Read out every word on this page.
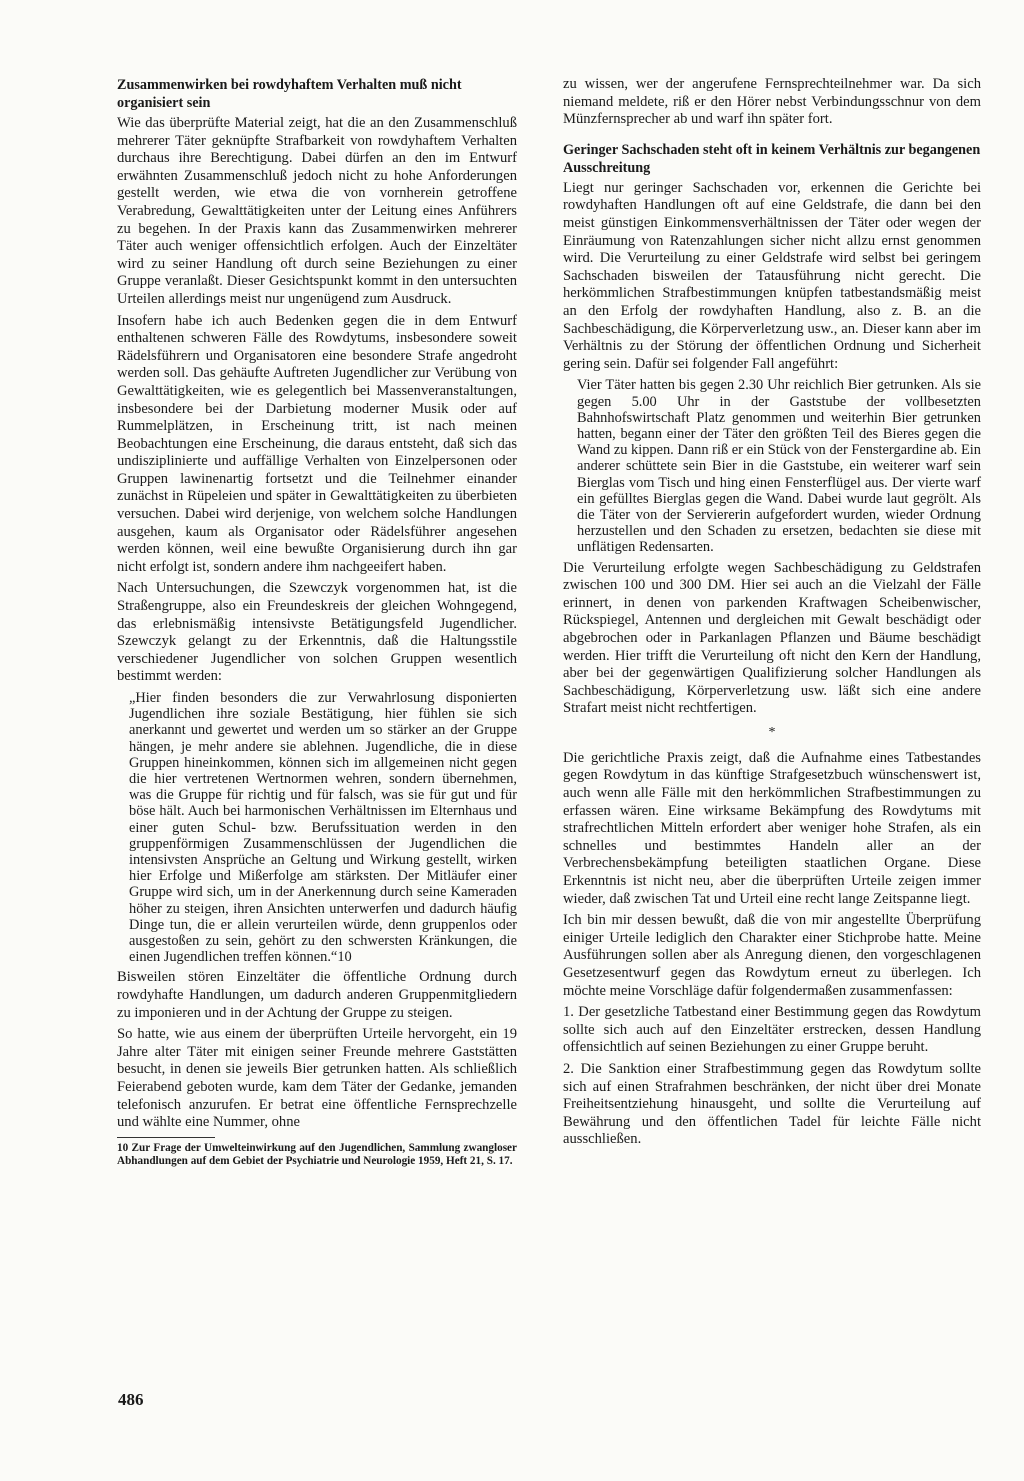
Zusammenwirken bei rowdyhaftem Verhalten muß nicht organisiert sein

Wie das überprüfte Material zeigt, hat die an den Zusammenschluß mehrerer Täter geknüpfte Strafbarkeit von rowdyhaftem Verhalten durchaus ihre Berechtigung. Dabei dürfen an den im Entwurf erwähnten Zusammenschluß jedoch nicht zu hohe Anforderungen gestellt werden, wie etwa die von vornherein getroffene Verabredung, Gewalttätigkeiten unter der Leitung eines Anführers zu begehen. In der Praxis kann das Zusammenwirken mehrerer Täter auch weniger offensichtlich erfolgen. Auch der Einzeltäter wird zu seiner Handlung oft durch seine Beziehungen zu einer Gruppe veranlaßt. Dieser Gesichtspunkt kommt in den untersuchten Urteilen allerdings meist nur ungenügend zum Ausdruck.

Insofern habe ich auch Bedenken gegen die in dem Entwurf enthaltenen schweren Fälle des Rowdytums, insbesondere soweit Rädelsführern und Organisatoren eine besondere Strafe angedroht werden soll. Das gehäufte Auftreten Jugendlicher zur Verübung von Gewalttätigkeiten, wie es gelegentlich bei Massenveranstaltungen, insbesondere bei der Darbietung moderner Musik oder auf Rummelplätzen, in Erscheinung tritt, ist nach meinen Beobachtungen eine Erscheinung, die daraus entsteht, daß sich das undisziplinierte und auffällige Verhalten von Einzelpersonen oder Gruppen lawinenartig fortsetzt und die Teilnehmer einander zunächst in Rüpeleien und später in Gewalttätigkeiten zu überbieten versuchen. Dabei wird derjenige, von welchem solche Handlungen ausgehen, kaum als Organisator oder Rädelsführer angesehen werden können, weil eine bewußte Organisierung durch ihn gar nicht erfolgt ist, sondern andere ihm nachgeeifert haben.

Nach Untersuchungen, die Szewczyk vorgenommen hat, ist die Straßengruppe, also ein Freundeskreis der gleichen Wohngegend, das erlebnismäßig intensivste Betätigungsfeld Jugendlicher. Szewczyk gelangt zu der Erkenntnis, daß die Haltungsstile verschiedener Jugendlicher von solchen Gruppen wesentlich bestimmt werden:

„Hier finden besonders die zur Verwahrlosung disponierten Jugendlichen ihre soziale Bestätigung, hier fühlen sie sich anerkannt und gewertet und werden um so stärker an der Gruppe hängen, je mehr andere sie ablehnen. Jugendliche, die in diese Gruppen hineinkommen, können sich im allgemeinen nicht gegen die hier vertretenen Wertnormen wehren, sondern übernehmen, was die Gruppe für richtig und für falsch, was sie für gut und für böse hält. Auch bei harmonischen Verhältnissen im Elternhaus und einer guten Schul- bzw. Berufssituation werden in den gruppenförmigen Zusammenschlüssen der Jugendlichen die intensivsten Ansprüche an Geltung und Wirkung gestellt, wirken hier Erfolge und Mißerfolge am stärksten. Der Mitläufer einer Gruppe wird sich, um in der Anerkennung durch seine Kameraden höher zu steigen, ihren Ansichten unterwerfen und dadurch häufig Dinge tun, die er allein verurteilen würde, denn gruppenlos oder ausgestoßen zu sein, gehört zu den schwersten Kränkungen, die einen Jugendlichen treffen können.“10

Bisweilen stören Einzeltäter die öffentliche Ordnung durch rowdyhafte Handlungen, um dadurch anderen Gruppenmitgliedern zu imponieren und in der Achtung der Gruppe zu steigen.

So hatte, wie aus einem der überprüften Urteile hervorgeht, ein 19 Jahre alter Täter mit einigen seiner Freunde mehrere Gaststätten besucht, in denen sie jeweils Bier getrunken hatten. Als schließlich Feierabend geboten wurde, kam dem Täter der Gedanke, jemanden telefonisch anzurufen. Er betrat eine öffentliche Fernsprechzelle und wählte eine Nummer, ohne

10 Zur Frage der Umwelteinwirkung auf den Jugendlichen, Sammlung zwangloser Abhandlungen auf dem Gebiet der Psychiatrie und Neurologie 1959, Heft 21, S. 17.

zu wissen, wer der angerufene Fernsprechteilnehmer war. Da sich niemand meldete, riß er den Hörer nebst Verbindungsschnur von dem Münzfernsprecher ab und warf ihn später fort.

Geringer Sachschaden steht oft in keinem Verhältnis zur begangenen Ausschreitung

Liegt nur geringer Sachschaden vor, erkennen die Gerichte bei rowdyhaften Handlungen oft auf eine Geldstrafe, die dann bei den meist günstigen Einkommensverhältnissen der Täter oder wegen der Einräumung von Ratenzahlungen sicher nicht allzu ernst genommen wird. Die Verurteilung zu einer Geldstrafe wird selbst bei geringem Sachschaden bisweilen der Tatausführung nicht gerecht. Die herkömmlichen Strafbestimmungen knüpfen tatbestandsmäßig meist an den Erfolg der rowdyhaften Handlung, also z. B. an die Sachbeschädigung, die Körperverletzung usw., an. Dieser kann aber im Verhältnis zu der Störung der öffentlichen Ordnung und Sicherheit gering sein. Dafür sei folgender Fall angeführt:

Vier Täter hatten bis gegen 2.30 Uhr reichlich Bier getrunken. Als sie gegen 5.00 Uhr in der Gaststube der vollbesetzten Bahnhofswirtschaft Platz genommen und weiterhin Bier getrunken hatten, begann einer der Täter den größten Teil des Bieres gegen die Wand zu kippen. Dann riß er ein Stück von der Fenstergardine ab. Ein anderer schüttete sein Bier in die Gaststube, ein weiterer warf sein Bierglas vom Tisch und hing einen Fensterflügel aus. Der vierte warf ein gefülltes Bierglas gegen die Wand. Dabei wurde laut gegrölt. Als die Täter von der Serviererin aufgefordert wurden, wieder Ordnung herzustellen und den Schaden zu ersetzen, bedachten sie diese mit unflätigen Redensarten.

Die Verurteilung erfolgte wegen Sachbeschädigung zu Geldstrafen zwischen 100 und 300 DM. Hier sei auch an die Vielzahl der Fälle erinnert, in denen von parkenden Kraftwagen Scheibenwischer, Rückspiegel, Antennen und dergleichen mit Gewalt beschädigt oder abgebrochen oder in Parkanlagen Pflanzen und Bäume beschädigt werden. Hier trifft die Verurteilung oft nicht den Kern der Handlung, aber bei der gegenwärtigen Qualifizierung solcher Handlungen als Sachbeschädigung, Körperverletzung usw. läßt sich eine andere Strafart meist nicht rechtfertigen.

*

Die gerichtliche Praxis zeigt, daß die Aufnahme eines Tatbestandes gegen Rowdytum in das künftige Strafgesetzbuch wünschenswert ist, auch wenn alle Fälle mit den herkömmlichen Strafbestimmungen zu erfassen wären. Eine wirksame Bekämpfung des Rowdytums mit strafrechtlichen Mitteln erfordert aber weniger hohe Strafen, als ein schnelles und bestimmtes Handeln aller an der Verbrechensbekämpfung beteiligten staatlichen Organe. Diese Erkenntnis ist nicht neu, aber die überprüften Urteile zeigen immer wieder, daß zwischen Tat und Urteil eine recht lange Zeitspanne liegt.

Ich bin mir dessen bewußt, daß die von mir angestellte Überprüfung einiger Urteile lediglich den Charakter einer Stichprobe hatte. Meine Ausführungen sollen aber als Anregung dienen, den vorgeschlagenen Gesetzesentwurf gegen das Rowdytum erneut zu überlegen. Ich möchte meine Vorschläge dafür folgendermaßen zusammenfassen:

1. Der gesetzliche Tatbestand einer Bestimmung gegen das Rowdytum sollte sich auch auf den Einzeltäter erstrecken, dessen Handlung offensichtlich auf seinen Beziehungen zu einer Gruppe beruht.

2. Die Sanktion einer Strafbestimmung gegen das Rowdytum sollte sich auf einen Strafrahmen beschränken, der nicht über drei Monate Freiheitsentziehung hinausgeht, und sollte die Verurteilung auf Bewährung und den öffentlichen Tadel für leichte Fälle nicht ausschließen.

486
